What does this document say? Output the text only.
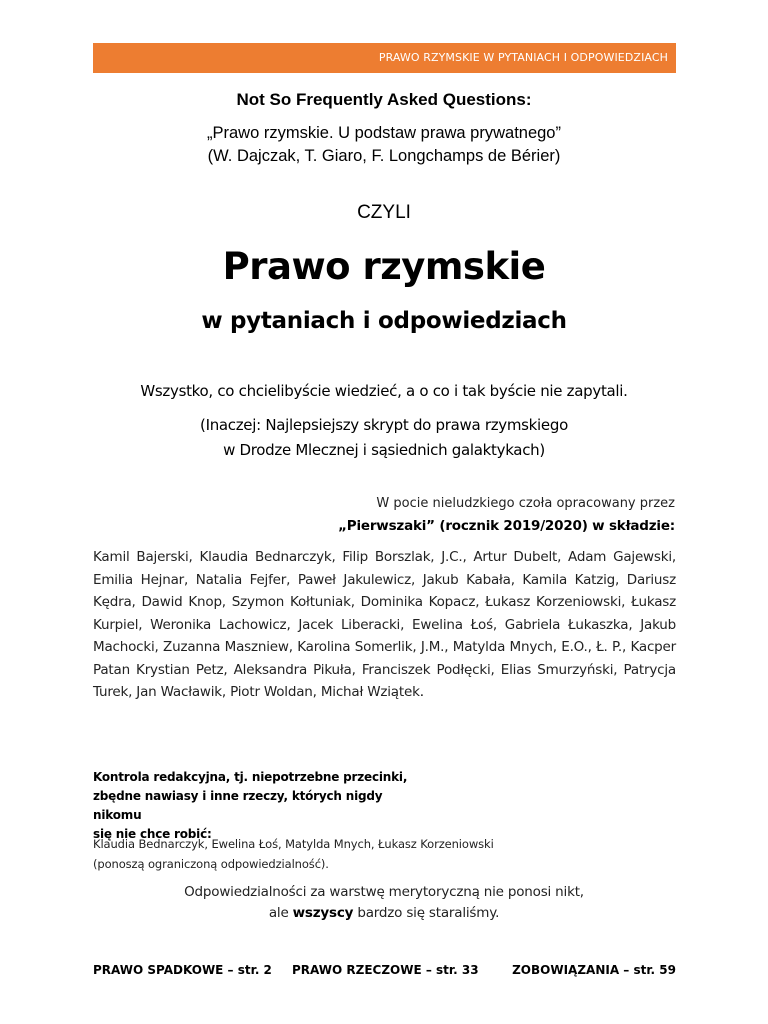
PRAWO RZYMSKIE W PYTANIACH I ODPOWIEDZIACH
Not So Frequently Asked Questions:
„Prawo rzymskie. U podstaw prawa prywatnego”
(W. Dajczak, T. Giaro, F. Longchamps de Bérier)
CZYLI
Prawo rzymskie
w pytaniach i odpowiedziach
Wszystko, co chcielibyście wiedzieć, a o co i tak byście nie zapytali.
(Inaczej: Najlepsiejszy skrypt do prawa rzymskiego
w Drodze Mlecznej i sąsiednich galaktykach)
W pocie nieludzkiego czoła opracowany przez
„Pierwszaki” (rocznik 2019/2020) w składzie:
Kamil Bajerski, Klaudia Bednarczyk, Filip Borszlak, J.C., Artur Dubelt, Adam Gajewski, Emilia Hejnar, Natalia Fejfer, Paweł Jakulewicz, Jakub Kabała, Kamila Katzig, Dariusz Kędra, Dawid Knop, Szymon Kołtuniak, Dominika Kopacz, Łukasz Korzeniowski, Łukasz Kurpiel, Weronika Lachowicz, Jacek Liberacki, Ewelina Łoś, Gabriela Łukaszka, Jakub Machocki, Zuzanna Maszniew, Karolina Somerlik, J.M., Matylda Mnych, E.O., Ł. P., Kacper Patan Krystian Petz, Aleksandra Pikuła, Franciszek Podłęcki, Elias Smurzyński, Patrycja Turek, Jan Wacławik, Piotr Woldan, Michał Wziątek.
Kontrola redakcyjna, tj. niepotrzebne przecinki,
zbędne nawiasy i inne rzeczy, których nigdy nikomu
się nie chce robić:
Klaudia Bednarczyk, Ewelina Łoś, Matylda Mnych, Łukasz Korzeniowski
(ponoszą ograniczoną odpowiedzialność).
Odpowiedzialności za warstwę merytoryczną nie ponosi nikt,
ale wszyscy bardzo się staraliśmy.
PRAWO SPADKOWE – str. 2 PRAWO RZECZOWE – str. 33	ZOBOWIĄZANIA – str. 59
